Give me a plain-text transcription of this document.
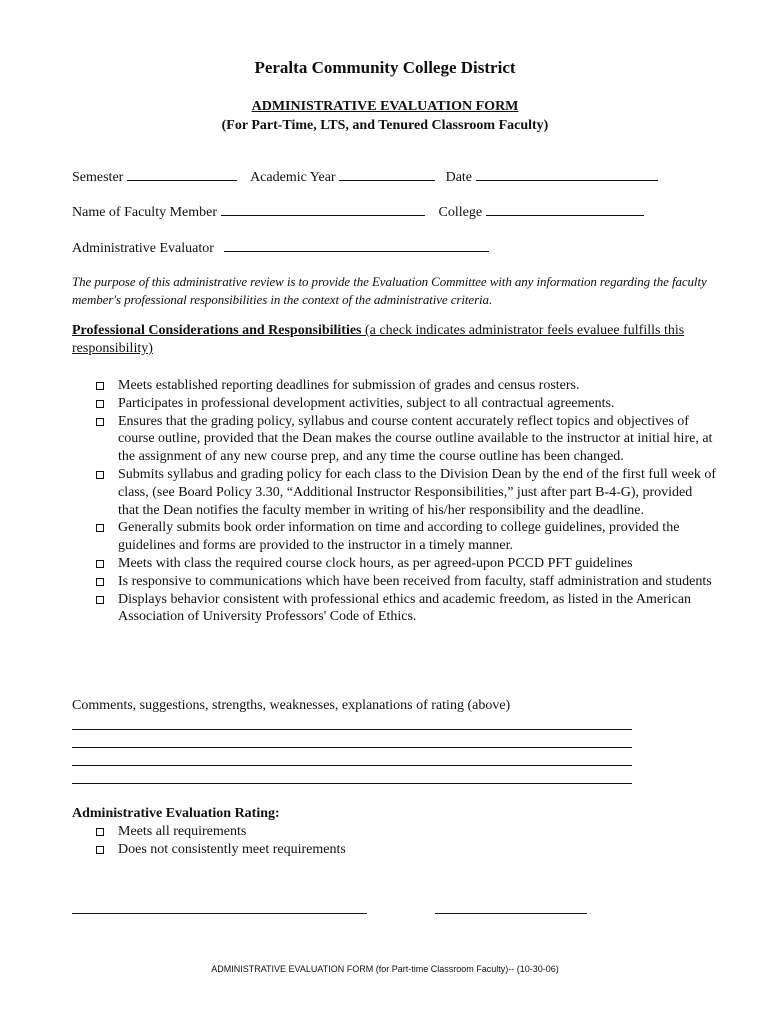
Peralta Community College District
ADMINISTRATIVE EVALUATION FORM
(For Part-Time, LTS, and Tenured Classroom Faculty)
Semester	Academic Year	Date
Name of Faculty Member	College
Administrative Evaluator
The purpose of this administrative review is to provide the Evaluation Committee with any information regarding the faculty member's professional responsibilities in the context of the administrative criteria.
Professional Considerations and Responsibilities (a check indicates administrator feels evaluee fulfills this responsibility)
Meets established reporting deadlines for submission of grades and census rosters.
Participates in professional development activities, subject to all contractual agreements.
Ensures that the grading policy, syllabus and course content accurately reflect topics and objectives of course outline, provided that the Dean makes the course outline available to the instructor at initial hire, at the assignment of any new course prep, and any time the course outline has been changed.
Submits syllabus and grading policy for each class to the Division Dean by the end of the first full week of class, (see Board Policy 3.30, “Additional Instructor Responsibilities,” just after part B-4-G), provided that the Dean notifies the faculty member in writing of his/her responsibility and the deadline.
Generally submits book order information on time and according to college guidelines, provided the guidelines and forms are provided to the instructor in a timely manner.
Meets with class the required course clock hours, as per agreed-upon PCCD PFT guidelines
Is responsive to communications which have been received from faculty, staff administration and students
Displays behavior consistent with professional ethics and academic freedom, as listed in the American Association of University Professors' Code of Ethics.
Comments, suggestions, strengths, weaknesses, explanations of rating (above)
Administrative Evaluation Rating:
Meets all requirements
Does not consistently meet requirements
ADMINISTRATIVE EVALUATION FORM (for Part-time Classroom Faculty)-- (10-30-06)
